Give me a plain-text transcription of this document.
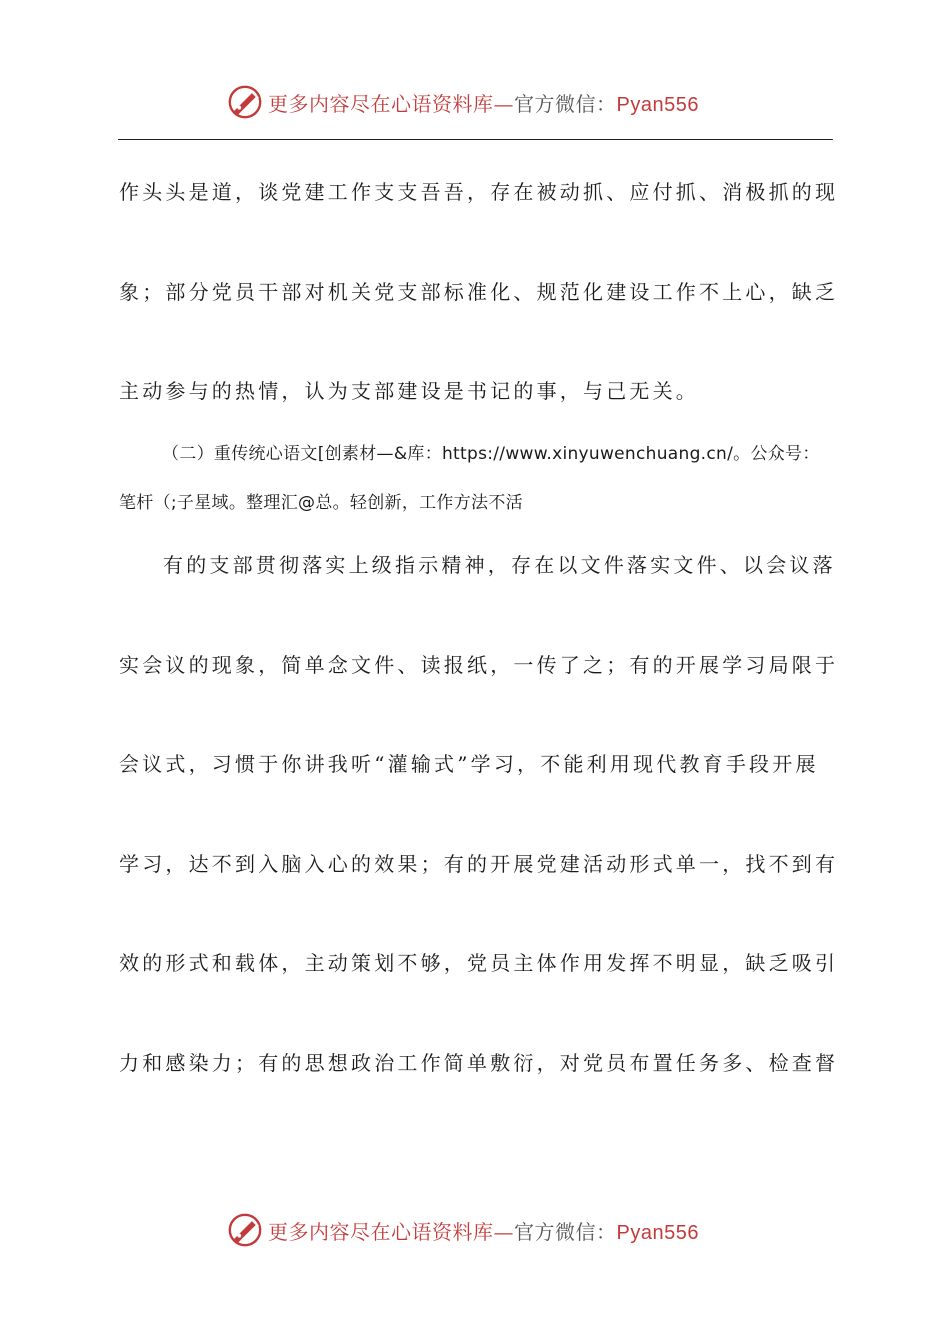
更多内容尽在心语资料库—官方微信：Pyan556
作头头是道，谈党建工作支支吾吾，存在被动抓、应付抓、消极抓的现
象；部分党员干部对机关党支部标准化、规范化建设工作不上心，缺乏
主动参与的热情，认为支部建设是书记的事，与己无关。
（二）重传统心语文[创素材—&库：https://www.xinyuwenchuang.cn/。公众号：
笔杆（;子星域。整理汇@总。轻创新，工作方法不活
有的支部贯彻落实上级指示精神，存在以文件落实文件、以会议落
实会议的现象，简单念文件、读报纸，一传了之；有的开展学习局限于
会议式，习惯于你讲我听“灌输式”学习，不能利用现代教育手段开展
学习，达不到入脑入心的效果；有的开展党建活动形式单一，找不到有
效的形式和载体，主动策划不够，党员主体作用发挥不明显，缺乏吸引
力和感染力；有的思想政治工作简单敷衍，对党员布置任务多、检查督
更多内容尽在心语资料库—官方微信：Pyan556
